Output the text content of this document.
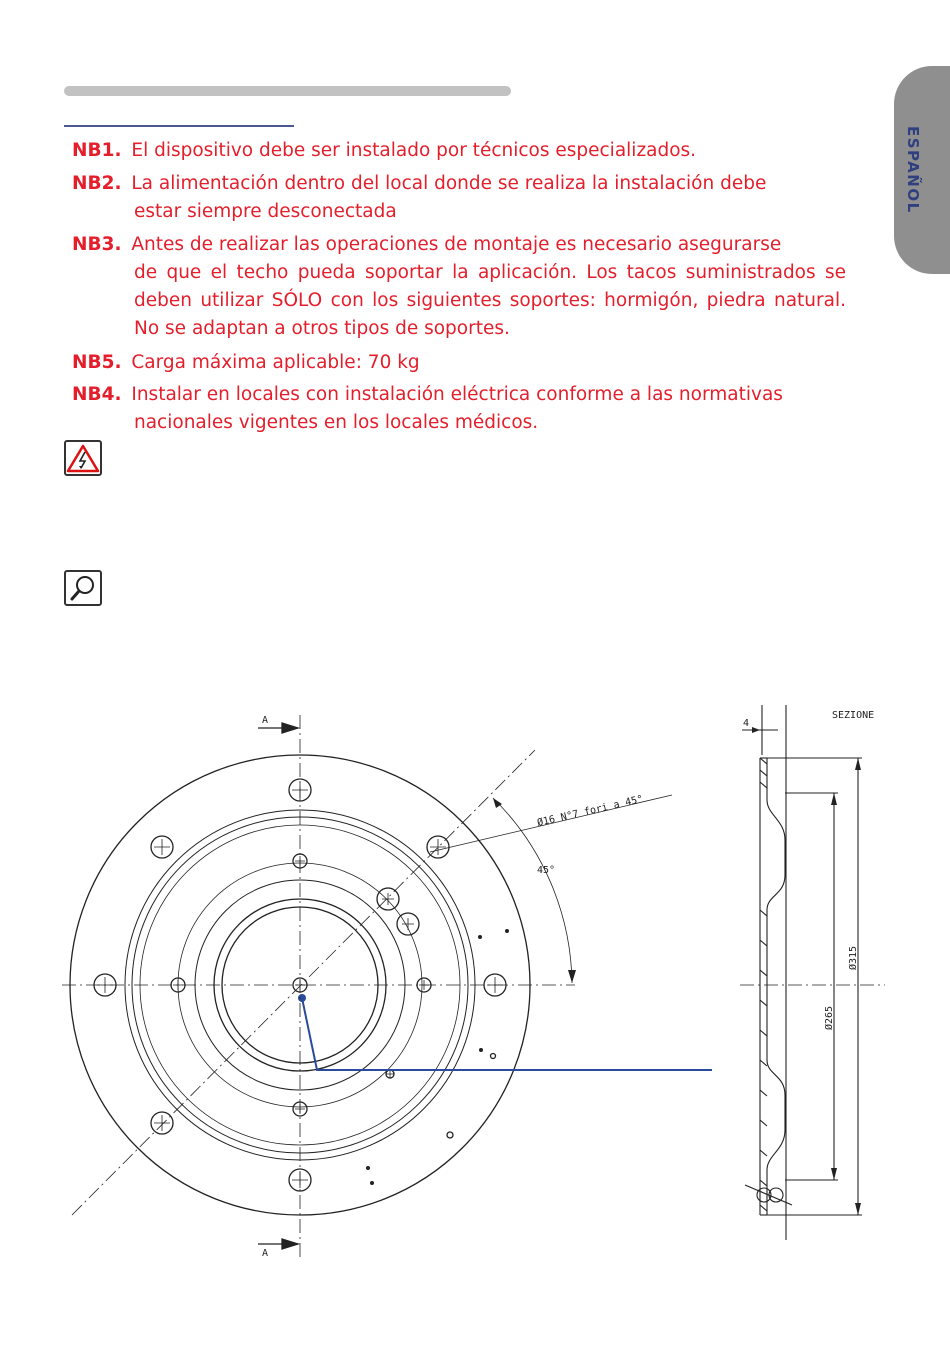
ESPAÑOL
NB1. El dispositivo debe ser instalado por técnicos especializados.
NB2. La alimentación dentro del local donde se realiza la instalación debe
estar siempre desconectada
NB3. Antes de realizar las operaciones de montaje es necesario asegurarse
de que el techo pueda soportar la aplicación. Los tacos suministrados se deben utilizar SÓLO con los siguientes soportes: hormigón, piedra natural. No se adaptan a otros tipos de soportes.
NB5. Carga máxima aplicable: 70 kg
NB4. Instalar en locales con instalación eléctrica conforme a las normativas
nacionales vigentes en los locales médicos.
A
A
Ø16 N°7 fori a 45°
45°
SEZIONE
4
Ø315
Ø265
